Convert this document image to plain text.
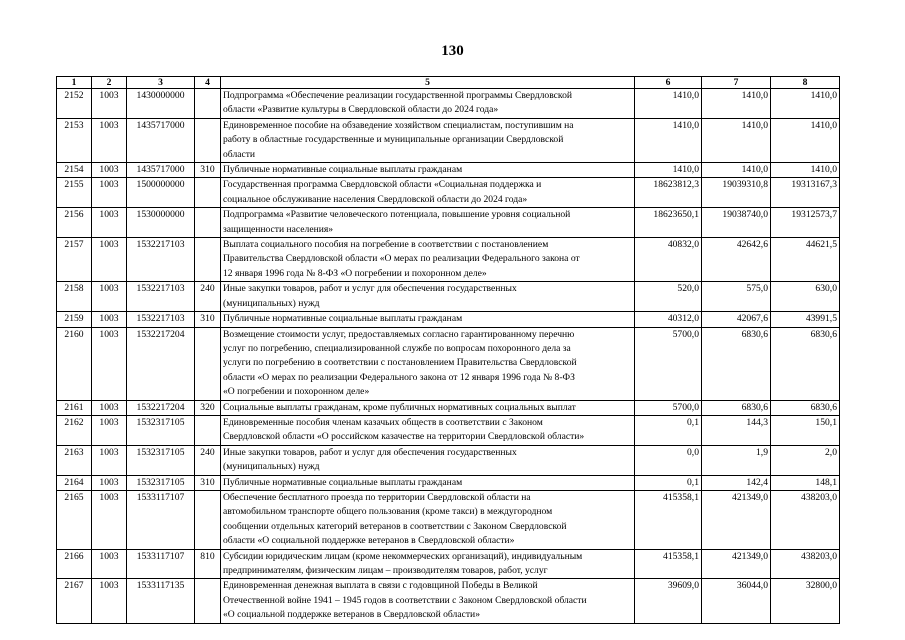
130
1	2	3	4	5	6	7	8
2152	1003	1430000000		Подпрограмма «Обеспечение реализации государственной программы Свердловской
области «Развитие культуры в Свердловской области до 2024 года»	1410,0	1410,0	1410,0
2153	1003	1435717000		Единовременное пособие на обзаведение хозяйством специалистам, поступившим на
работу в областные государственные и муниципальные организации Свердловской
области	1410,0	1410,0	1410,0
2154	1003	1435717000	310	Публичные нормативные социальные выплаты гражданам	1410,0	1410,0	1410,0
2155	1003	1500000000		Государственная программа Свердловской области «Социальная поддержка и
социальное обслуживание населения Свердловской области до 2024 года»	18623812,3	19039310,8	19313167,3
2156	1003	1530000000		Подпрограмма «Развитие человеческого потенциала, повышение уровня социальной
защищенности населения»	18623650,1	19038740,0	19312573,7
2157	1003	1532217103		Выплата социального пособия на погребение в соответствии с постановлением
Правительства Свердловской области «О мерах по реализации Федерального закона от
12 января 1996 года № 8-ФЗ «О погребении и похоронном деле»	40832,0	42642,6	44621,5
2158	1003	1532217103	240	Иные закупки товаров, работ и услуг для обеспечения государственных
(муниципальных) нужд	520,0	575,0	630,0
2159	1003	1532217103	310	Публичные нормативные социальные выплаты гражданам	40312,0	42067,6	43991,5
2160	1003	1532217204		Возмещение стоимости услуг, предоставляемых согласно гарантированному перечню
услуг по погребению, специализированной службе по вопросам похоронного дела за
услуги по погребению в соответствии с постановлением Правительства Свердловской
области «О мерах по реализации Федерального закона от 12 января 1996 года № 8-ФЗ
«О погребении и похоронном деле»	5700,0	6830,6	6830,6
2161	1003	1532217204	320	Социальные выплаты гражданам, кроме публичных нормативных социальных выплат	5700,0	6830,6	6830,6
2162	1003	1532317105		Единовременные пособия членам казачьих обществ в соответствии с Законом
Свердловской области «О российском казачестве на территории Свердловской области»	0,1	144,3	150,1
2163	1003	1532317105	240	Иные закупки товаров, работ и услуг для обеспечения государственных
(муниципальных) нужд	0,0	1,9	2,0
2164	1003	1532317105	310	Публичные нормативные социальные выплаты гражданам	0,1	142,4	148,1
2165	1003	1533117107		Обеспечение бесплатного проезда по территории Свердловской области на
автомобильном транспорте общего пользования (кроме такси) в междугородном
сообщении отдельных категорий ветеранов в соответствии с Законом Свердловской
области «О социальной поддержке ветеранов в Свердловской области»	415358,1	421349,0	438203,0
2166	1003	1533117107	810	Субсидии юридическим лицам (кроме некоммерческих организаций), индивидуальным
предпринимателям, физическим лицам – производителям товаров, работ, услуг	415358,1	421349,0	438203,0
2167	1003	1533117135		Единовременная денежная выплата в связи с годовщиной Победы в Великой
Отечественной войне 1941 – 1945 годов в соответствии с Законом Свердловской области
«О социальной поддержке ветеранов в Свердловской области»	39609,0	36044,0	32800,0
